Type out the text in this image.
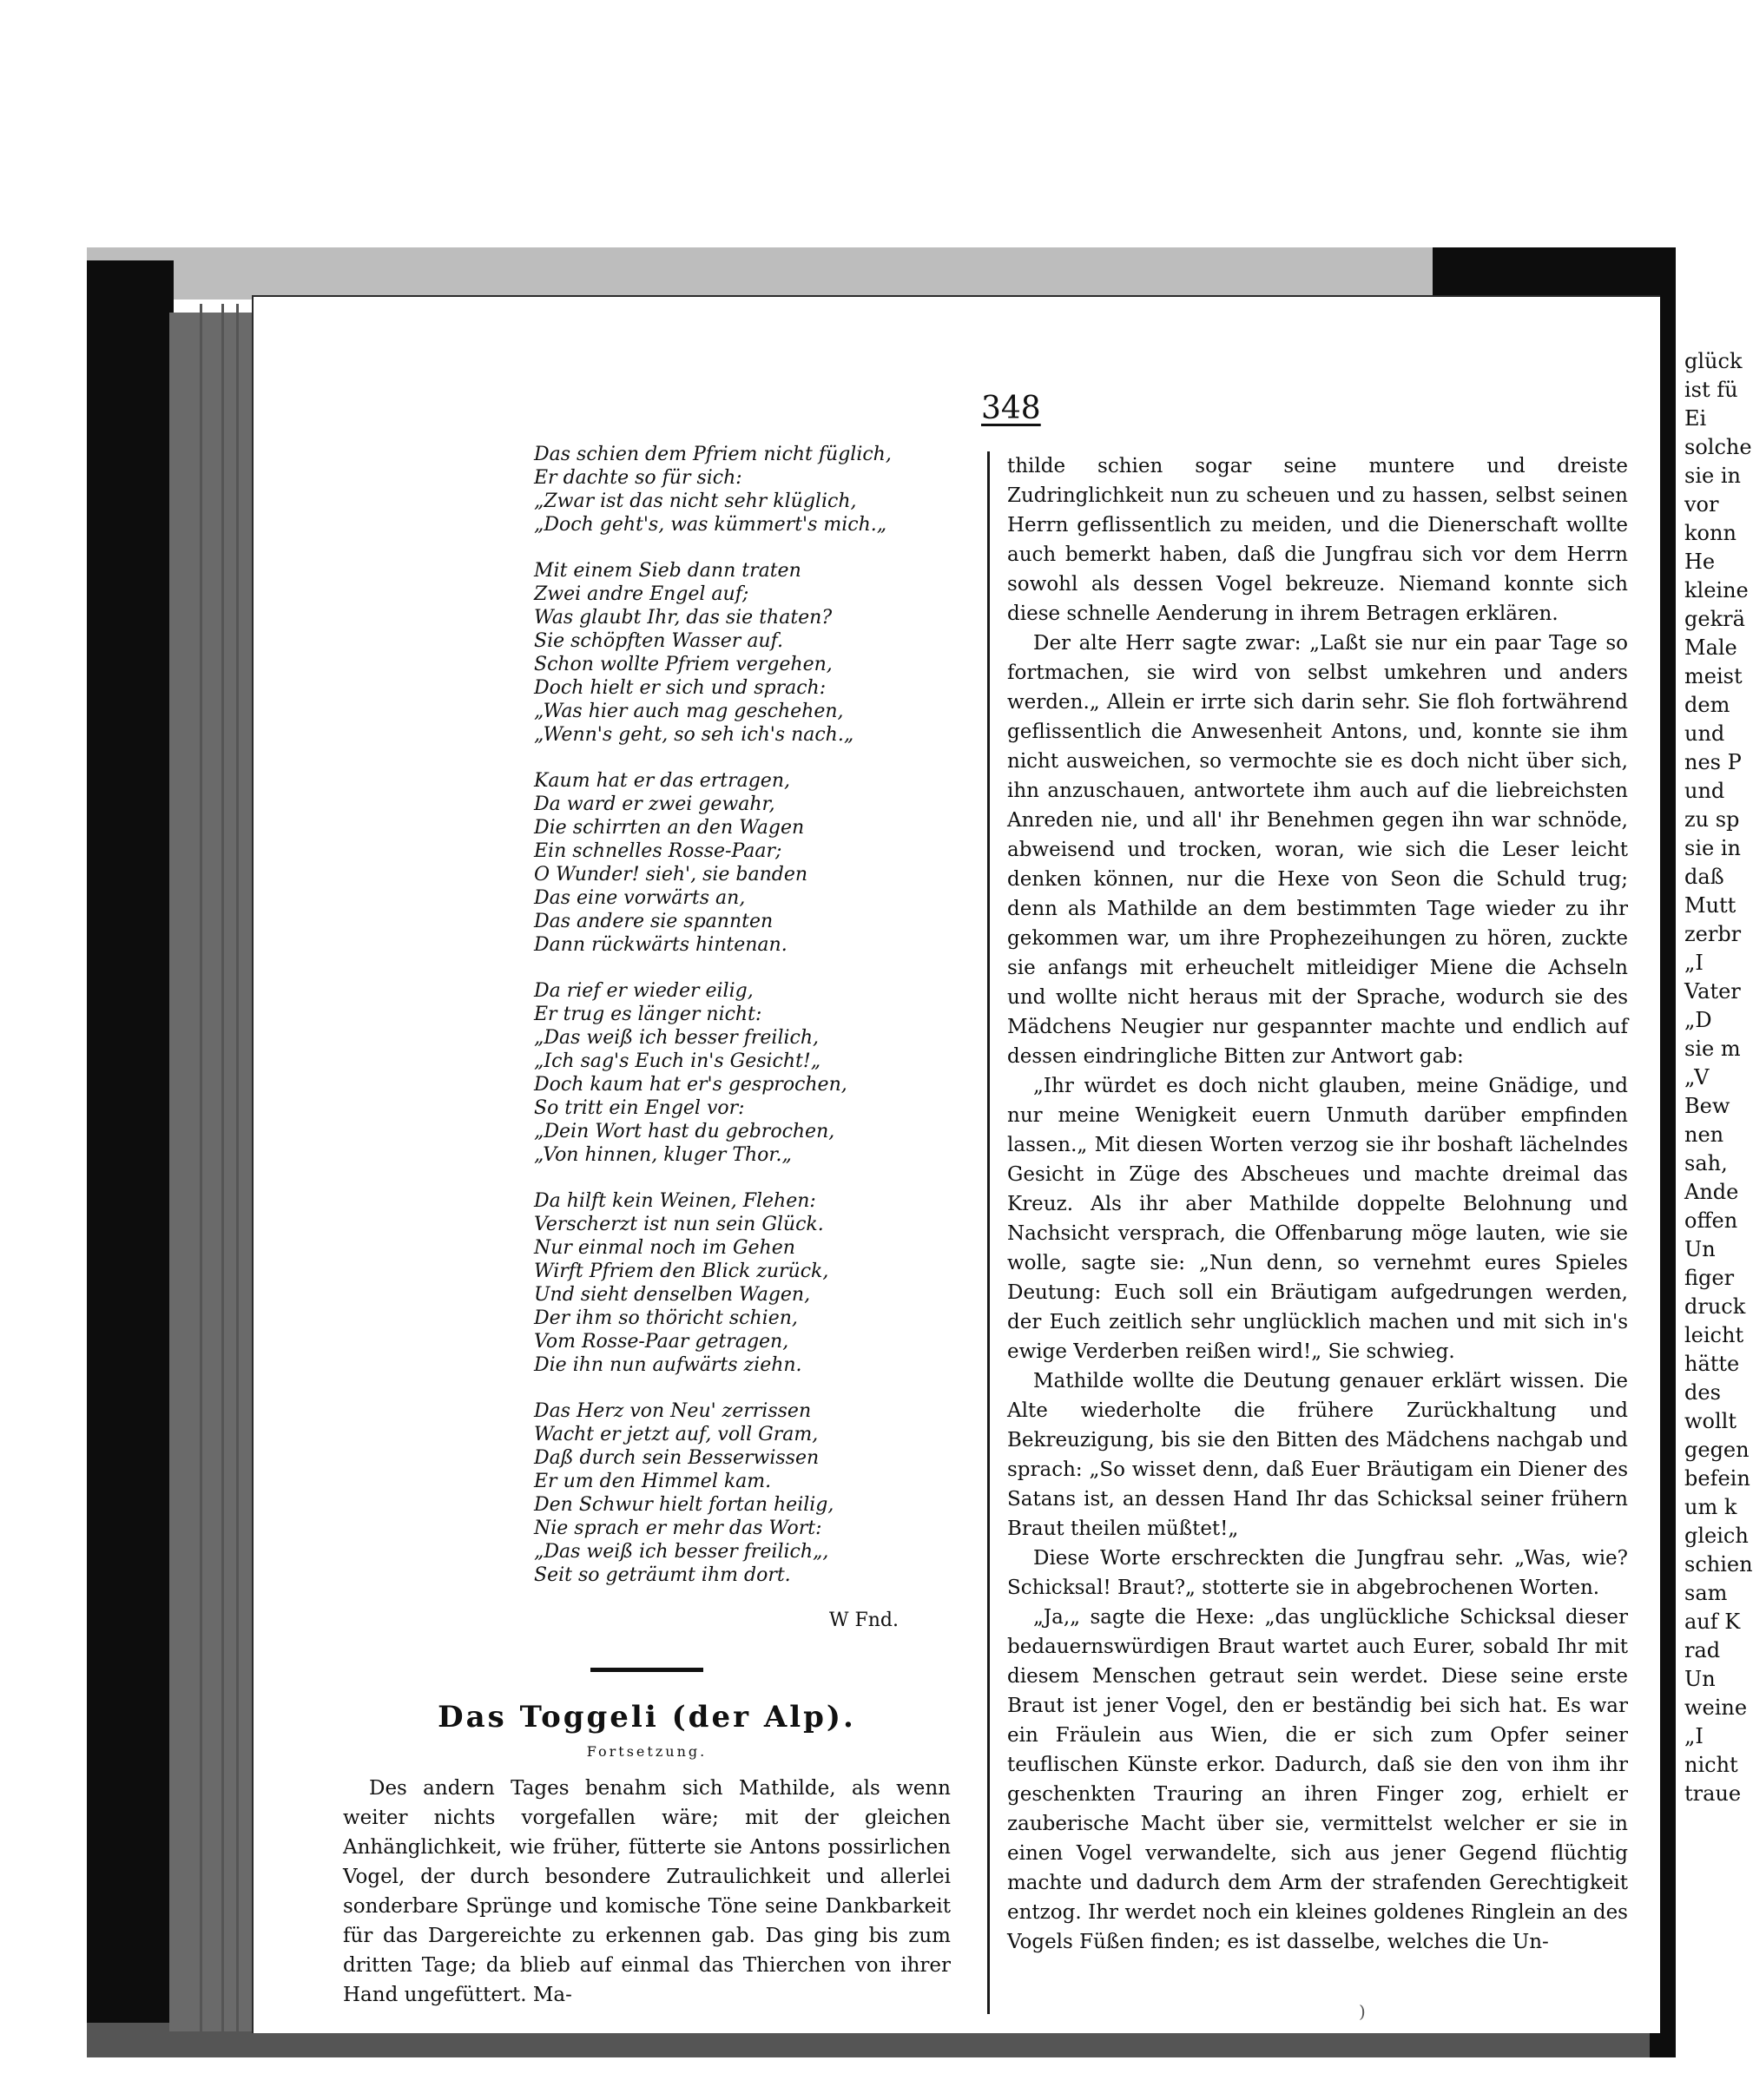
glück
ist fü
Ei
solche
sie in
vor
konn
He
kleine
gekrä
Male
meist
dem
und
nes P
und
zu sp
sie in
daß
Mutt
zerbr
„I
Vater
„D
sie m
„V
Bew
nen
sah,
Ande
offen
Un
figer
druck
leicht
hätte
des
wollt
gegen
befein
um k
gleich
schien
sam
auf K
rad
Un
weine
„I
nicht
traue
348
Das schien dem Pfriem nicht füglich,
Er dachte so für sich:
„Zwar ist das nicht sehr klüglich,
„Doch geht's, was kümmert's mich.„
Mit einem Sieb dann traten
Zwei andre Engel auf;
Was glaubt Ihr, das sie thaten?
Sie schöpften Wasser auf.
Schon wollte Pfriem vergehen,
Doch hielt er sich und sprach:
„Was hier auch mag geschehen,
„Wenn's geht, so seh ich's nach.„
Kaum hat er das ertragen,
Da ward er zwei gewahr,
Die schirrten an den Wagen
Ein schnelles Rosse-Paar;
O Wunder! sieh', sie banden
Das eine vorwärts an,
Das andere sie spannten
Dann rückwärts hintenan.
Da rief er wieder eilig,
Er trug es länger nicht:
„Das weiß ich besser freilich,
„Ich sag's Euch in's Gesicht!„
Doch kaum hat er's gesprochen,
So tritt ein Engel vor:
„Dein Wort hast du gebrochen,
„Von hinnen, kluger Thor.„
Da hilft kein Weinen, Flehen:
Verscherzt ist nun sein Glück.
Nur einmal noch im Gehen
Wirft Pfriem den Blick zurück,
Und sieht denselben Wagen,
Der ihm so thöricht schien,
Vom Rosse-Paar getragen,
Die ihn nun aufwärts ziehn.
Das Herz von Neu' zerrissen
Wacht er jetzt auf, voll Gram,
Daß durch sein Besserwissen
Er um den Himmel kam.
Den Schwur hielt fortan heilig,
Nie sprach er mehr das Wort:
„Das weiß ich besser freilich„,
Seit so geträumt ihm dort.
W Fnd.
Das Toggeli (der Alp).
Fortsetzung.

Des andern Tages benahm sich Mathilde, als wenn weiter nichts vorgefallen wäre; mit der gleichen Anhänglichkeit, wie früher, fütterte sie Antons possirlichen Vogel, der durch besondere Zutraulichkeit und allerlei sonderbare Sprünge und komische Töne seine Dankbarkeit für das Dargereichte zu erkennen gab. Das ging bis zum dritten Tage; da blieb auf einmal das Thierchen von ihrer Hand ungefüttert. Ma-

thilde schien sogar seine muntere und dreiste Zudringlichkeit nun zu scheuen und zu hassen, selbst seinen Herrn geflissentlich zu meiden, und die Dienerschaft wollte auch bemerkt haben, daß die Jungfrau sich vor dem Herrn sowohl als dessen Vogel bekreuze. Niemand konnte sich diese schnelle Aenderung in ihrem Betragen erklären.

Der alte Herr sagte zwar: „Laßt sie nur ein paar Tage so fortmachen, sie wird von selbst umkehren und anders werden.„ Allein er irrte sich darin sehr. Sie floh fortwährend geflissentlich die Anwesenheit Antons, und, konnte sie ihm nicht ausweichen, so vermochte sie es doch nicht über sich, ihn anzuschauen, antwortete ihm auch auf die liebreichsten Anreden nie, und all' ihr Benehmen gegen ihn war schnöde, abweisend und trocken, woran, wie sich die Leser leicht denken können, nur die Hexe von Seon die Schuld trug; denn als Mathilde an dem bestimmten Tage wieder zu ihr gekommen war, um ihre Prophezeihungen zu hören, zuckte sie anfangs mit erheuchelt mitleidiger Miene die Achseln und wollte nicht heraus mit der Sprache, wodurch sie des Mädchens Neugier nur gespannter machte und endlich auf dessen eindringliche Bitten zur Antwort gab:

„Ihr würdet es doch nicht glauben, meine Gnädige, und nur meine Wenigkeit euern Unmuth darüber empfinden lassen.„ Mit diesen Worten verzog sie ihr boshaft lächelndes Gesicht in Züge des Abscheues und machte dreimal das Kreuz. Als ihr aber Mathilde doppelte Belohnung und Nachsicht versprach, die Offenbarung möge lauten, wie sie wolle, sagte sie: „Nun denn, so vernehmt eures Spieles Deutung: Euch soll ein Bräutigam aufgedrungen werden, der Euch zeitlich sehr unglücklich machen und mit sich in's ewige Verderben reißen wird!„ Sie schwieg.

Mathilde wollte die Deutung genauer erklärt wissen. Die Alte wiederholte die frühere Zurückhaltung und Bekreuzigung, bis sie den Bitten des Mädchens nachgab und sprach: „So wisset denn, daß Euer Bräutigam ein Diener des Satans ist, an dessen Hand Ihr das Schicksal seiner frühern Braut theilen müßtet!„

Diese Worte erschreckten die Jungfrau sehr. „Was, wie? Schicksal! Braut?„ stotterte sie in abgebrochenen Worten.

„Ja,„ sagte die Hexe: „das unglückliche Schicksal dieser bedauernswürdigen Braut wartet auch Eurer, sobald Ihr mit diesem Menschen getraut sein werdet. Diese seine erste Braut ist jener Vogel, den er beständig bei sich hat. Es war ein Fräulein aus Wien, die er sich zum Opfer seiner teuflischen Künste erkor. Dadurch, daß sie den von ihm ihr geschenkten Trauring an ihren Finger zog, erhielt er zauberische Macht über sie, vermittelst welcher er sie in einen Vogel verwandelte, sich aus jener Gegend flüchtig machte und dadurch dem Arm der strafenden Gerechtigkeit entzog. Ihr werdet noch ein kleines goldenes Ringlein an des Vogels Füßen finden; es ist dasselbe, welches die Un-

)
